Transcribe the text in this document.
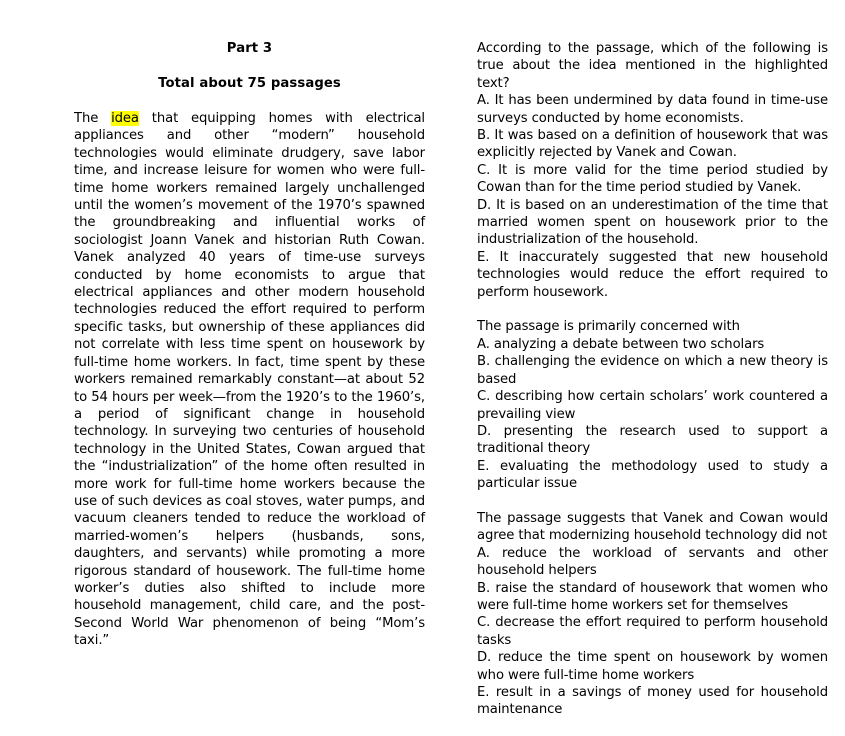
Part 3

Total about 75 passages

The idea that equipping homes with electrical appliances and other “modern” household technologies would eliminate drudgery, save labor time, and increase leisure for women who were full-time home workers remained largely unchallenged until the women’s movement of the 1970’s spawned the groundbreaking and influential works of sociologist Joann Vanek and historian Ruth Cowan. Vanek analyzed 40 years of time-use surveys conducted by home economists to argue that electrical appliances and other modern household technologies reduced the effort required to perform specific tasks, but ownership of these appliances did not correlate with less time spent on housework by full-time home workers. In fact, time spent by these workers remained remarkably constant—at about 52 to 54 hours per week—from the 1920’s to the 1960’s, a period of significant change in household technology. In surveying two centuries of household technology in the United States, Cowan argued that the “industrialization” of the home often resulted in more work for full-time home workers because the use of such devices as coal stoves, water pumps, and vacuum cleaners tended to reduce the workload of married-women’s helpers (husbands, sons, daughters, and servants) while promoting a more rigorous standard of housework. The full-time home worker’s duties also shifted to include more household management, child care, and the post-Second World War phenomenon of being “Mom’s taxi.”

According to the passage, which of the following is true about the idea mentioned in the highlighted text?

A. It has been undermined by data found in time-use surveys conducted by home economists.

B. It was based on a definition of housework that was explicitly rejected by Vanek and Cowan.

C. It is more valid for the time period studied by Cowan than for the time period studied by Vanek.

D. It is based on an underestimation of the time that married women spent on housework prior to the industrialization of the household.

E. It inaccurately suggested that new household technologies would reduce the effort required to perform housework.

The passage is primarily concerned with

A. analyzing a debate between two scholars

B. challenging the evidence on which a new theory is based

C. describing how certain scholars’ work countered a prevailing view

D. presenting the research used to support a traditional theory

E. evaluating the methodology used to study a particular issue

The passage suggests that Vanek and Cowan would agree that modernizing household technology did not

A. reduce the workload of servants and other household helpers

B. raise the standard of housework that women who were full-time home workers set for themselves

C. decrease the effort required to perform household tasks

D. reduce the time spent on housework by women who were full-time home workers

E. result in a savings of money used for household maintenance
